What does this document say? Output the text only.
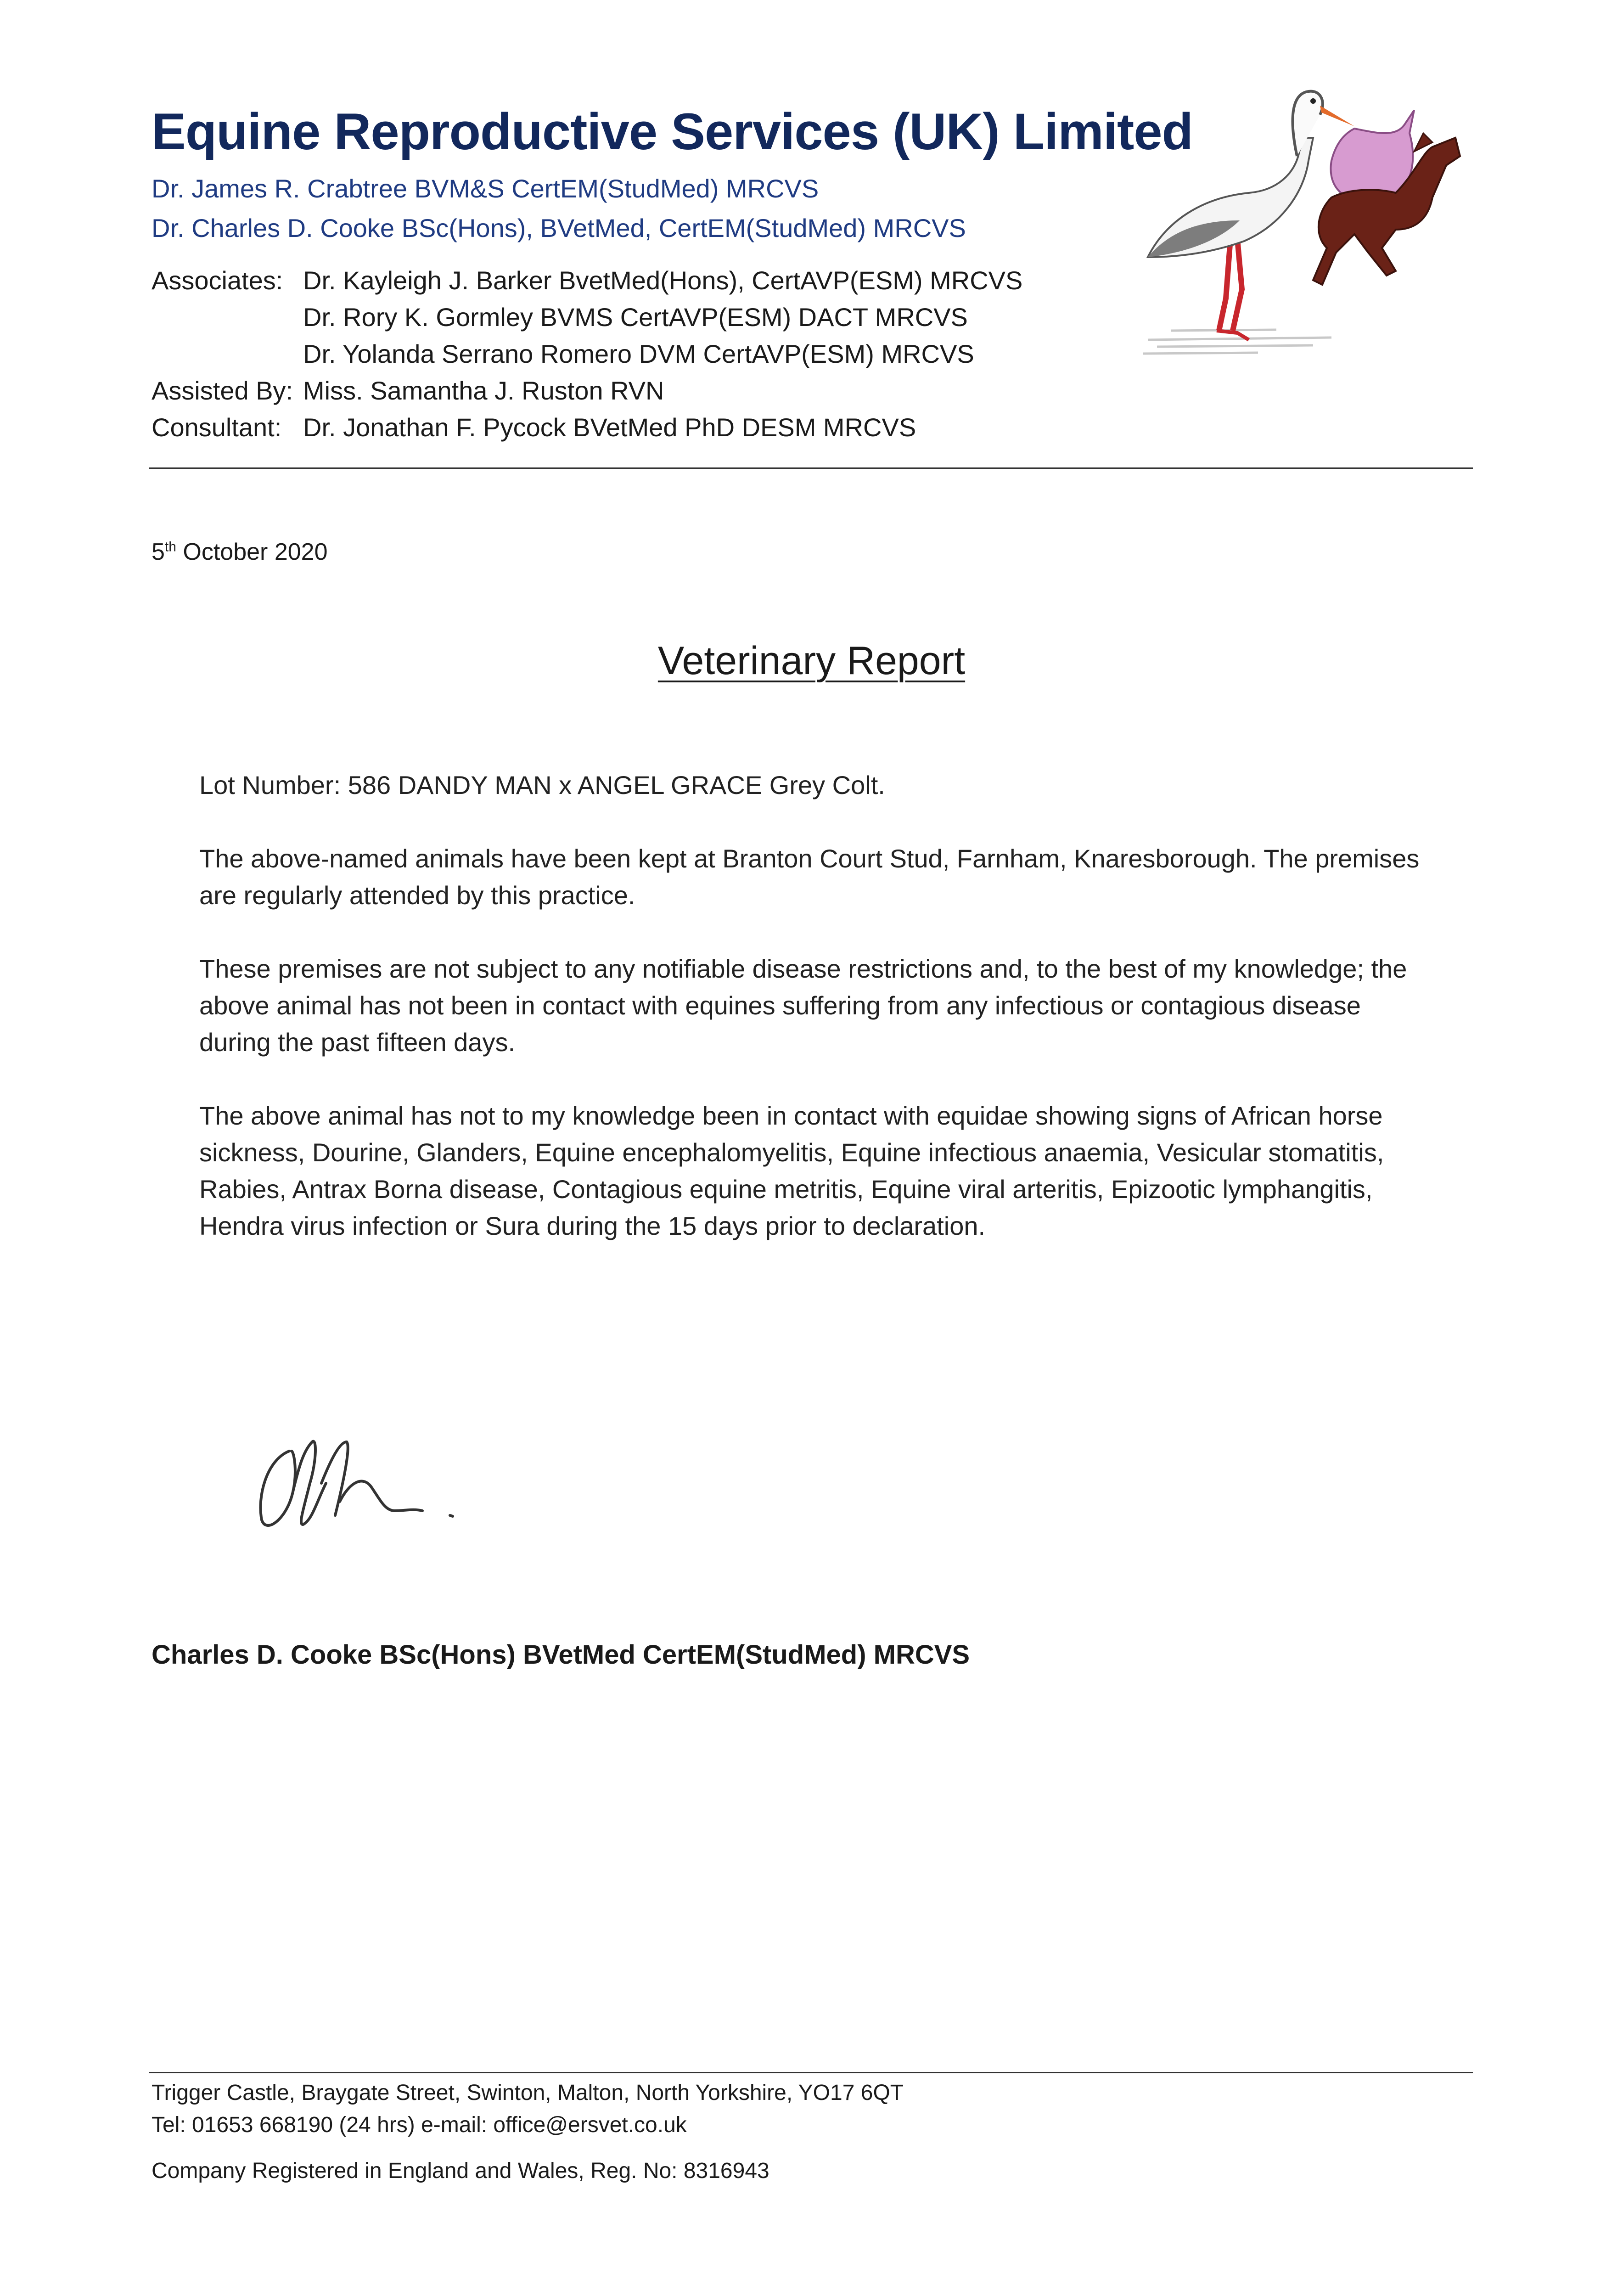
Equine Reproductive Services (UK) Limited
Dr. James R. Crabtree BVM&S CertEM(StudMed) MRCVS
Dr. Charles D. Cooke BSc(Hons), BVetMed, CertEM(StudMed) MRCVS
Associates: Dr. Kayleigh J. Barker BvetMed(Hons), CertAVP(ESM) MRCVS
Dr. Rory K. Gormley BVMS CertAVP(ESM) DACT MRCVS
Dr. Yolanda Serrano Romero DVM CertAVP(ESM) MRCVS
Assisted By: Miss. Samantha J. Ruston RVN
Consultant: Dr. Jonathan F. Pycock BVetMed PhD DESM MRCVS
5th October 2020
Veterinary Report
Lot Number: 586 DANDY MAN x ANGEL GRACE Grey Colt.
The above-named animals have been kept at Branton Court Stud, Farnham, Knaresborough. The premises are regularly attended by this practice.
These premises are not subject to any notifiable disease restrictions and, to the best of my knowledge; the above animal has not been in contact with equines suffering from any infectious or contagious disease during the past fifteen days.
The above animal has not to my knowledge been in contact with equidae showing signs of African horse sickness, Dourine, Glanders, Equine encephalomyelitis, Equine infectious anaemia, Vesicular stomatitis, Rabies, Antrax Borna disease, Contagious equine metritis, Equine viral arteritis, Epizootic lymphangitis, Hendra virus infection or Sura during the 15 days prior to declaration.
Charles D. Cooke BSc(Hons) BVetMed CertEM(StudMed) MRCVS
Trigger Castle, Braygate Street, Swinton, Malton, North Yorkshire, YO17 6QT
Tel: 01653 668190 (24 hrs) e-mail: office@ersvet.co.uk
Company Registered in England and Wales, Reg. No: 8316943
